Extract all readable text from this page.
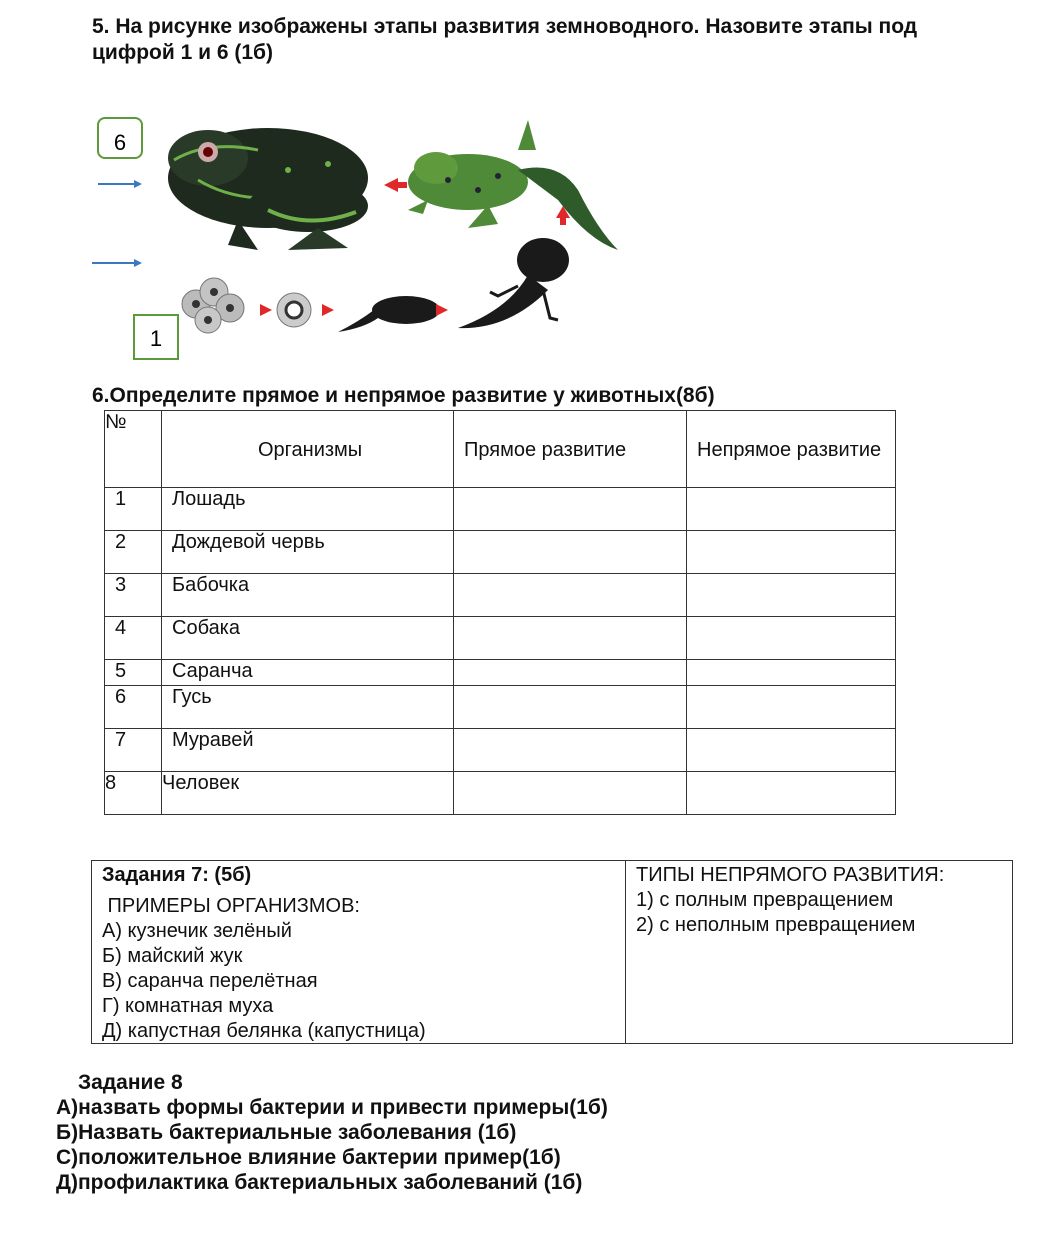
5. На рисунке изображены этапы развития земноводного. Назовите этапы под
цифрой 1 и 6 (1б)
6
1
6.Определите прямое и непрямое развитие у животных(8б)
№	Организмы	Прямое развитие	Непрямое развитие
1	Лошадь		
2	Дождевой червь		
3	Бабочка		
4	Собака		
5	Саранча		
6	Гусь		
7	Муравей		
8	Человек		
Задания 7: (5б)
ПРИМЕРЫ ОРГАНИЗМОВ:
А) кузнечик зелёный
Б) майский жук
В) саранча перелётная
Г) комнатная муха
Д) капустная белянка (капустница)
ТИПЫ НЕПРЯМОГО РАЗВИТИЯ:
1) с полным превращением
2) с неполным превращением
Задание 8
А)назвать формы бактерии и привести примеры(1б)
Б)Назвать бактериальные заболевания (1б)
С)положительное влияние бактерии пример(1б)
Д)профилактика бактериальных заболеваний (1б)
